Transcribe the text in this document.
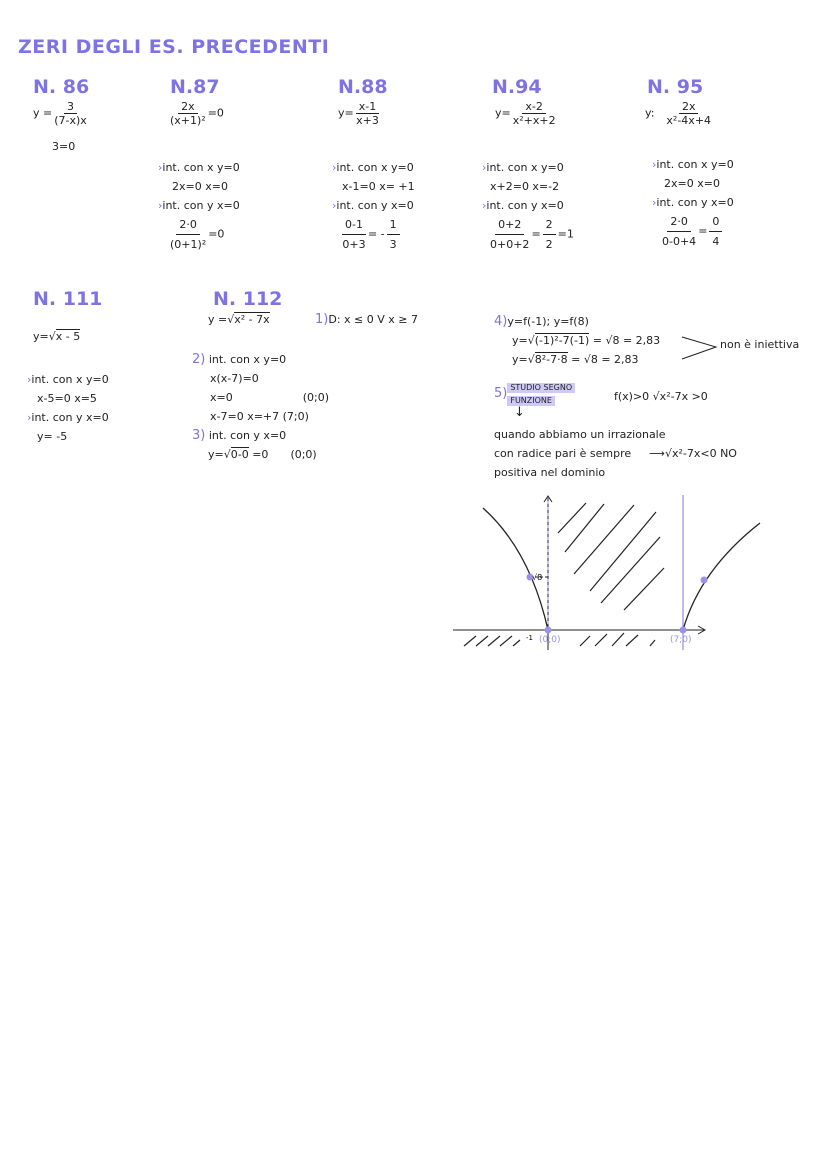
ZERI DEGLI ES. PRECEDENTI
N. 86
$y = \frac{3}{(7-x)x}$
3=0
N.87
$\frac{2x}{\text{(x+1)²}} =0$
›int. con x y=0
2x=0 x=0
›int. con y x=0
$\frac{2\cdot 0}{\text{(0+1)²}} =0$
N.88
$y= \frac{x-1}{x+3}$
›int. con x y=0
x-1=0 x= +1
›int. con y x=0
$\frac{0-1}{0+3}$ = - $\frac{1}{3}$
N.94
$y= \frac{x-2}{\text{x²+x+2}}$
›int. con x y=0
x+2=0 x=-2
›int. con y x=0
$\frac{0+2}{0+0+2} = \frac{2}{2} =1$
N. 95
y: $\frac{2x}{\text{x²-4x+4}}$
›int. con x y=0
2x=0 x=0
›int. con y x=0
$\frac{2\cdot 0}{0-0+4} = \frac{0}{4}$
N. 111
y=√x - 5
›int. con x y=0
x-5=0 x=5
›int. con y x=0
y= -5
N. 112
y =√x² - 7x	1)D: x ≤ 0 V x ≥ 7
2) int. con x y=0
x(x-7)=0
x=0	(0;0)
x-7=0 x=+7 (7;0)
3) int. con y x=0
y=√0-0 =0 (0;0)
4)y=f(-1); y=f(8)
y=√(-1)²-7(-1) = √8 = 2,83
y=√8²-7·8 = √8 = 2,83
non è iniettiva
5) STUDIO SEGNO
FUNZIONE	f(x)>0 √x²-7x >0
↓
quando abbiamo un irrazionale
con radice pari è sempre ⟶√x²-7x<0 NO
positiva nel dominio
√8
-1 (0;0)	(7;0)
